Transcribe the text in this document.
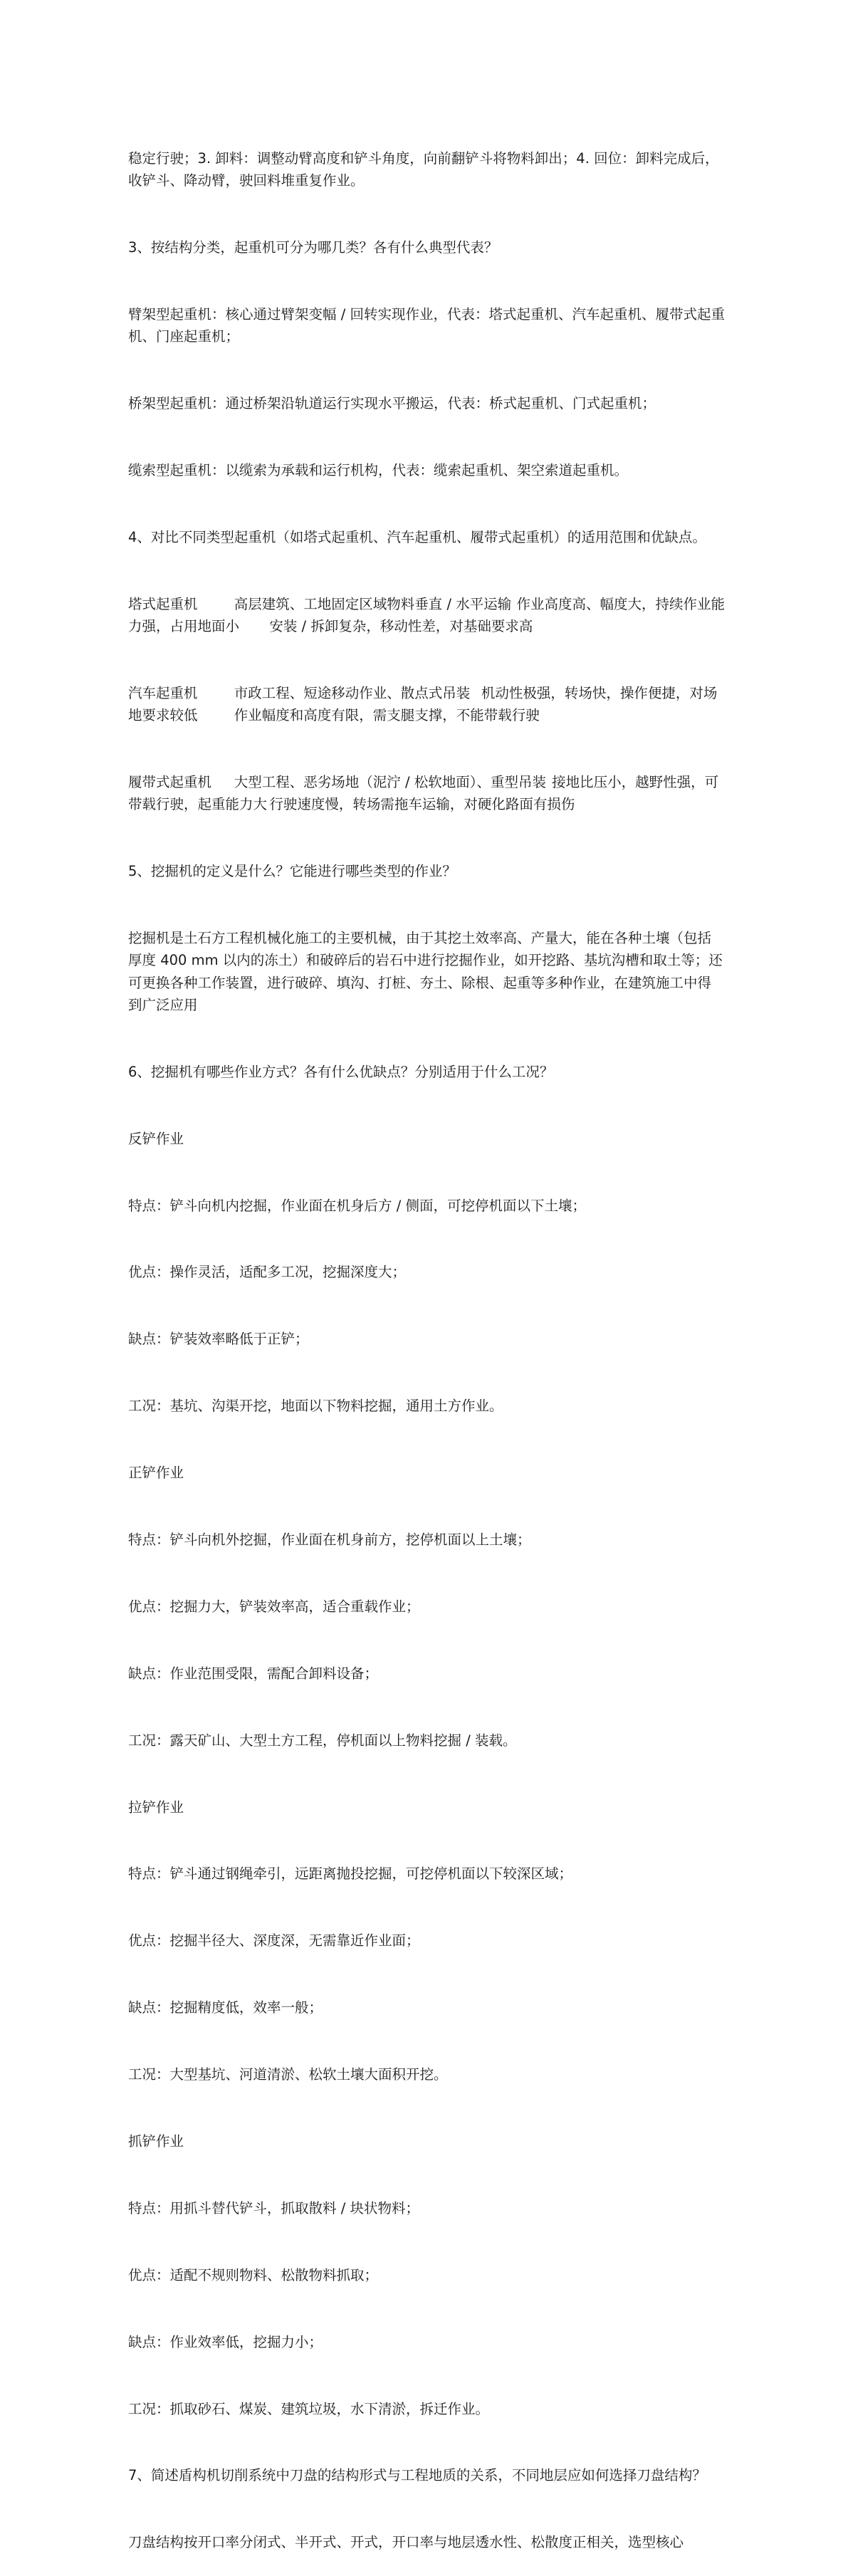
稳定行驶；3. 卸料：调整动臂高度和铲斗角度，向前翻铲斗将物料卸出；4. 回位：卸料完成后，收铲斗、降动臂，驶回料堆重复作业。

3、按结构分类，起重机可分为哪几类？各有什么典型代表？

臂架型起重机：核心通过臂架变幅 / 回转实现作业，代表：塔式起重机、汽车起重机、履带式起重机、门座起重机；

桥架型起重机：通过桥架沿轨道运行实现水平搬运，代表：桥式起重机、门式起重机；

缆索型起重机：以缆索为承载和运行机构，代表：缆索起重机、架空索道起重机。

4、对比不同类型起重机（如塔式起重机、汽车起重机、履带式起重机）的适用范围和优缺点。

塔式起重机	高层建筑、工地固定区域物料垂直 / 水平运输	作业高度高、幅度大，持续作业能力强，占用地面小	安装 / 拆卸复杂，移动性差，对基础要求高

汽车起重机	市政工程、短途移动作业、散点式吊装	机动性极强，转场快，操作便捷，对场地要求较低	作业幅度和高度有限，需支腿支撑，不能带载行驶

履带式起重机	大型工程、恶劣场地（泥泞 / 松软地面）、重型吊装	接地比压小，越野性强，可带载行驶，起重能力大	行驶速度慢，转场需拖车运输，对硬化路面有损伤

5、挖掘机的定义是什么？它能进行哪些类型的作业？

挖掘机是土石方工程机械化施工的主要机械，由于其挖土效率高、产量大，能在各种土壤（包括厚度 400 mm 以内的冻土）和破碎后的岩石中进行挖掘作业，如开挖路、基坑沟槽和取土等；还可更换各种工作装置，进行破碎、填沟、打桩、夯土、除根、起重等多种作业，在建筑施工中得到广泛应用

6、挖掘机有哪些作业方式？各有什么优缺点？分别适用于什么工况？

反铲作业

特点：铲斗向机内挖掘，作业面在机身后方 / 侧面，可挖停机面以下土壤；

优点：操作灵活，适配多工况，挖掘深度大；

缺点：铲装效率略低于正铲；

工况：基坑、沟渠开挖，地面以下物料挖掘，通用土方作业。

正铲作业

特点：铲斗向机外挖掘，作业面在机身前方，挖停机面以上土壤；

优点：挖掘力大，铲装效率高，适合重载作业；

缺点：作业范围受限，需配合卸料设备；

工况：露天矿山、大型土方工程，停机面以上物料挖掘 / 装载。

拉铲作业

特点：铲斗通过钢绳牵引，远距离抛投挖掘，可挖停机面以下较深区域；

优点：挖掘半径大、深度深，无需靠近作业面；

缺点：挖掘精度低，效率一般；

工况：大型基坑、河道清淤、松软土壤大面积开挖。

抓铲作业

特点：用抓斗替代铲斗，抓取散料 / 块状物料；

优点：适配不规则物料、松散物料抓取；

缺点：作业效率低，挖掘力小；

工况：抓取砂石、煤炭、建筑垃圾，水下清淤，拆迁作业。

7、简述盾构机切削系统中刀盘的结构形式与工程地质的关系，不同地层应如何选择刀盘结构？

刀盘结构按开口率分闭式、半开式、开式，开口率与地层透水性、松散度正相关，选型核心
